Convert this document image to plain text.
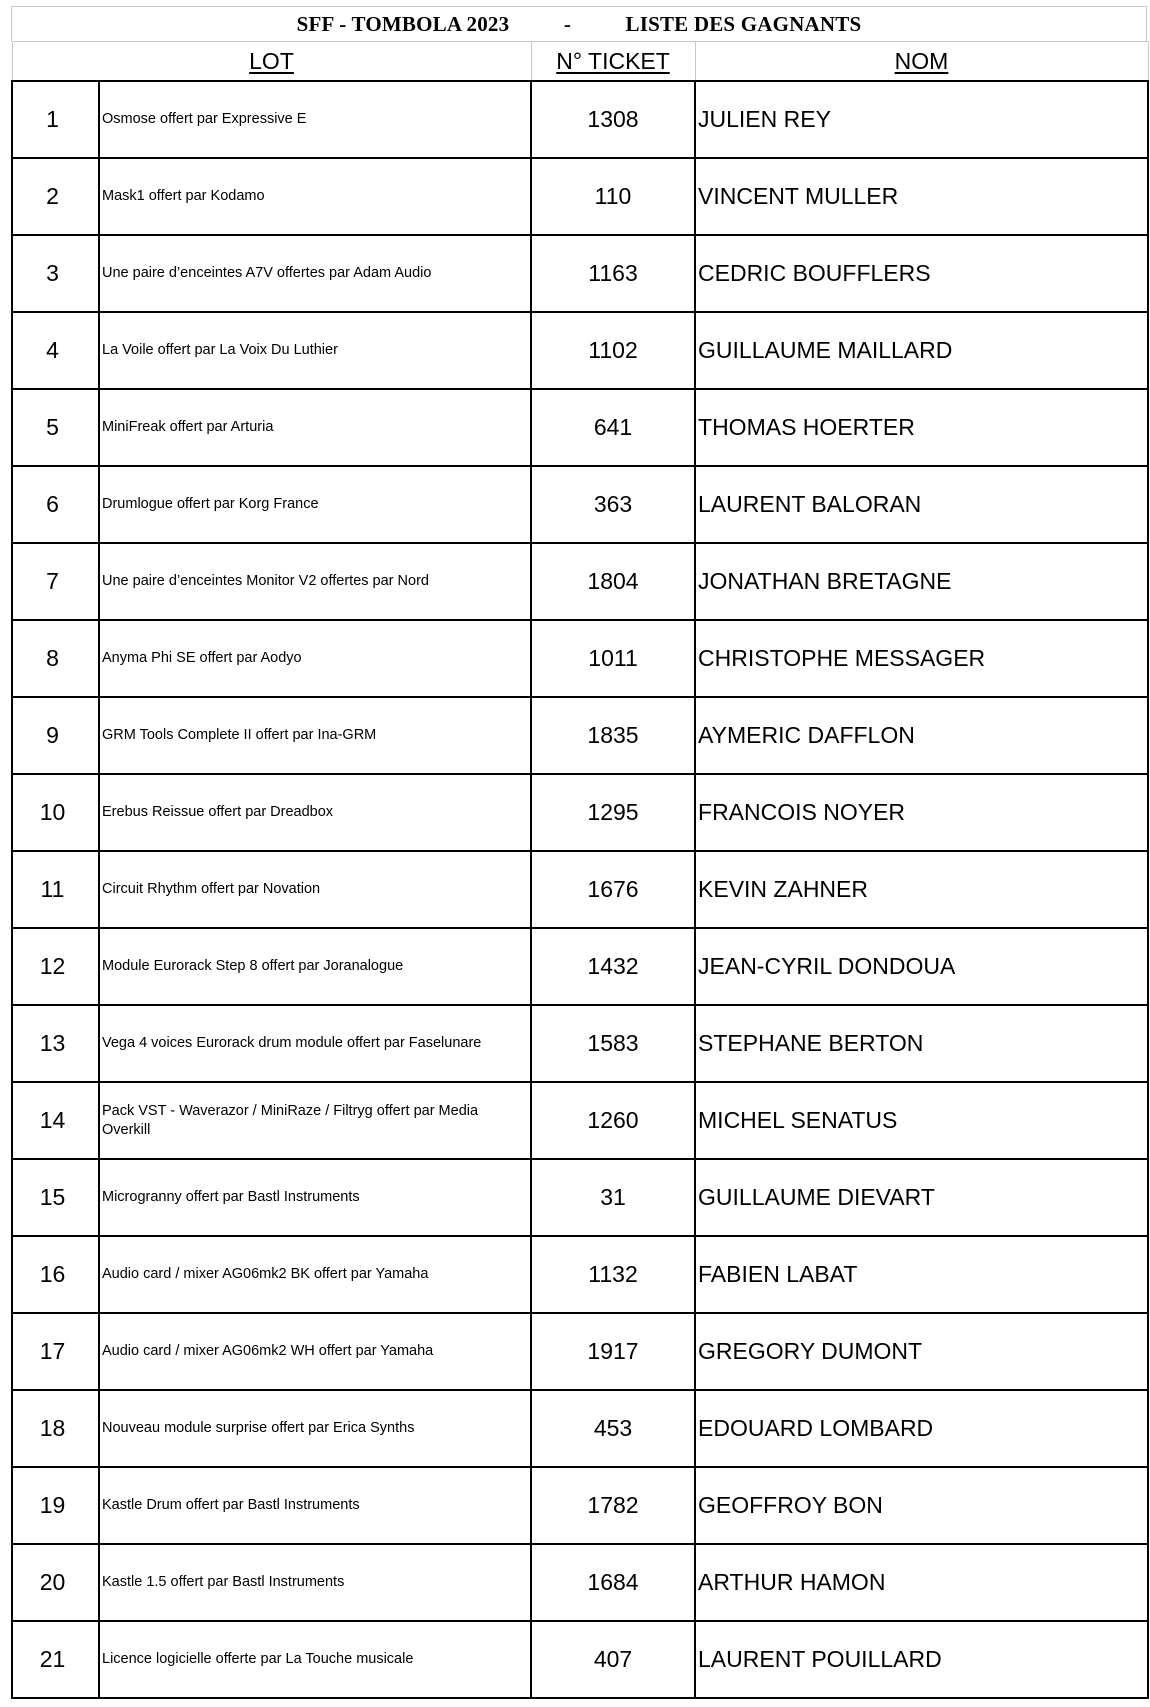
SFF - TOMBOLA 2023
	-
	LISTE DES GAGNANTS
LOT		N° TICKET	NOM
1	Osmose offert par Expressive E	1308	JULIEN REY
2	Mask1 offert par Kodamo	110	VINCENT MULLER
3	Une paire d’enceintes A7V offertes par Adam Audio	1163	CEDRIC BOUFFLERS
4	La Voile offert par La Voix Du Luthier	1102	GUILLAUME MAILLARD
5	MiniFreak offert par Arturia	641	THOMAS HOERTER
6	Drumlogue offert par Korg France	363	LAURENT BALORAN
7	Une paire d’enceintes Monitor V2 offertes par Nord	1804	JONATHAN BRETAGNE
8	Anyma Phi SE offert par Aodyo	1011	CHRISTOPHE MESSAGER
9	GRM Tools Complete II offert par Ina-GRM	1835	AYMERIC DAFFLON
10	Erebus Reissue offert par Dreadbox	1295	FRANCOIS NOYER
11	Circuit Rhythm offert par Novation	1676	KEVIN ZAHNER
12	Module Eurorack Step 8 offert par Joranalogue	1432	JEAN-CYRIL DONDOUA
13	Vega 4 voices Eurorack drum module offert par Faselunare	1583	STEPHANE BERTON
14	Pack VST - Waverazor / MiniRaze / Filtryg offert par Media Overkill	1260	MICHEL SENATUS
15	Microgranny offert par Bastl Instruments	31	GUILLAUME DIEVART
16	Audio card / mixer AG06mk2 BK offert par Yamaha	1132	FABIEN LABAT
17	Audio card / mixer AG06mk2 WH offert par Yamaha	1917	GREGORY DUMONT
18	Nouveau module surprise offert par Erica Synths	453	EDOUARD LOMBARD
19	Kastle Drum offert par Bastl Instruments	1782	GEOFFROY BON
20	Kastle 1.5 offert par Bastl Instruments	1684	ARTHUR HAMON
21	Licence logicielle offerte par La Touche musicale	407	LAURENT POUILLARD
